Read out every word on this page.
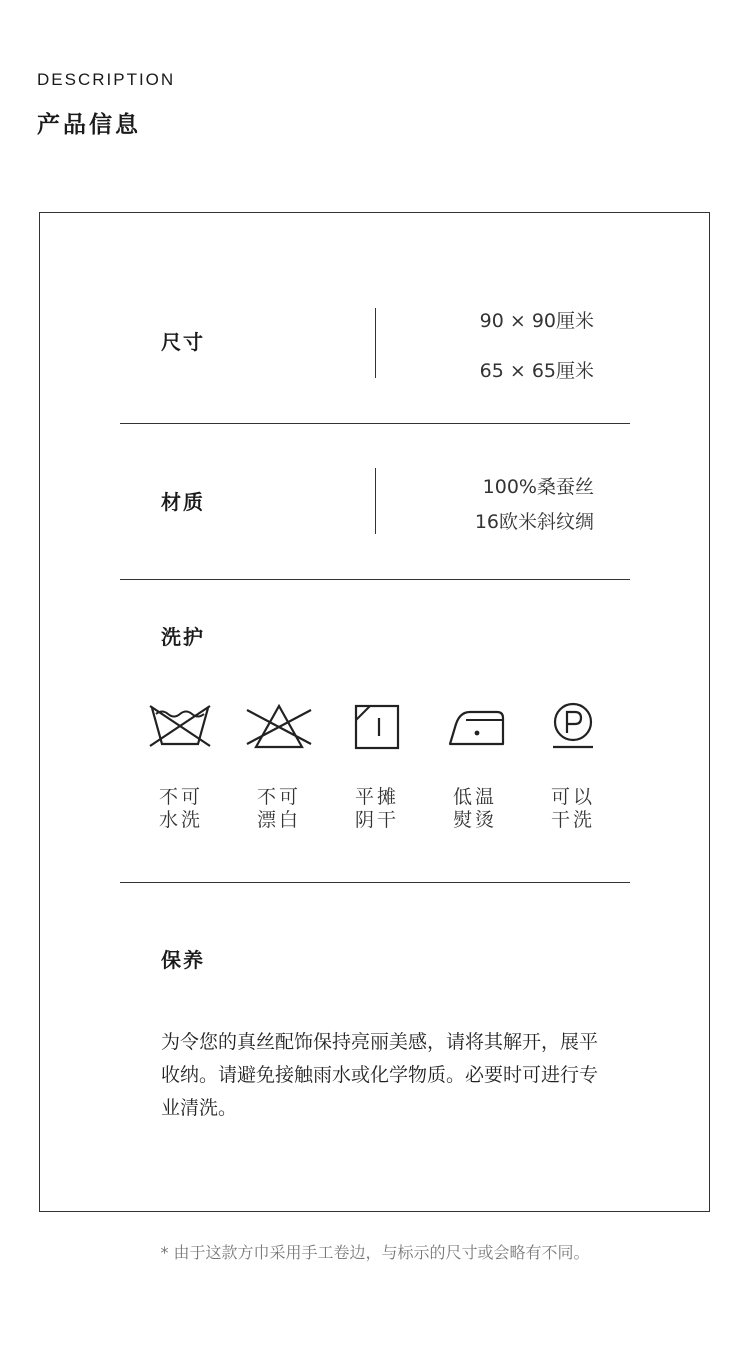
DESCRIPTION
产品信息
尺寸
90 × 90厘米
65 × 65厘米
材质
100%桑蚕丝
16欧米斜纹绸
洗护
不可
水洗
不可
漂白
平摊
阴干
低温
熨烫
可以
干洗
保养
为令您的真丝配饰保持亮丽美感，请将其解开，展平收纳。请避免接触雨水或化学物质。必要时可进行专业清洗。
* 由于这款方巾采用手工卷边，与标示的尺寸或会略有不同。
